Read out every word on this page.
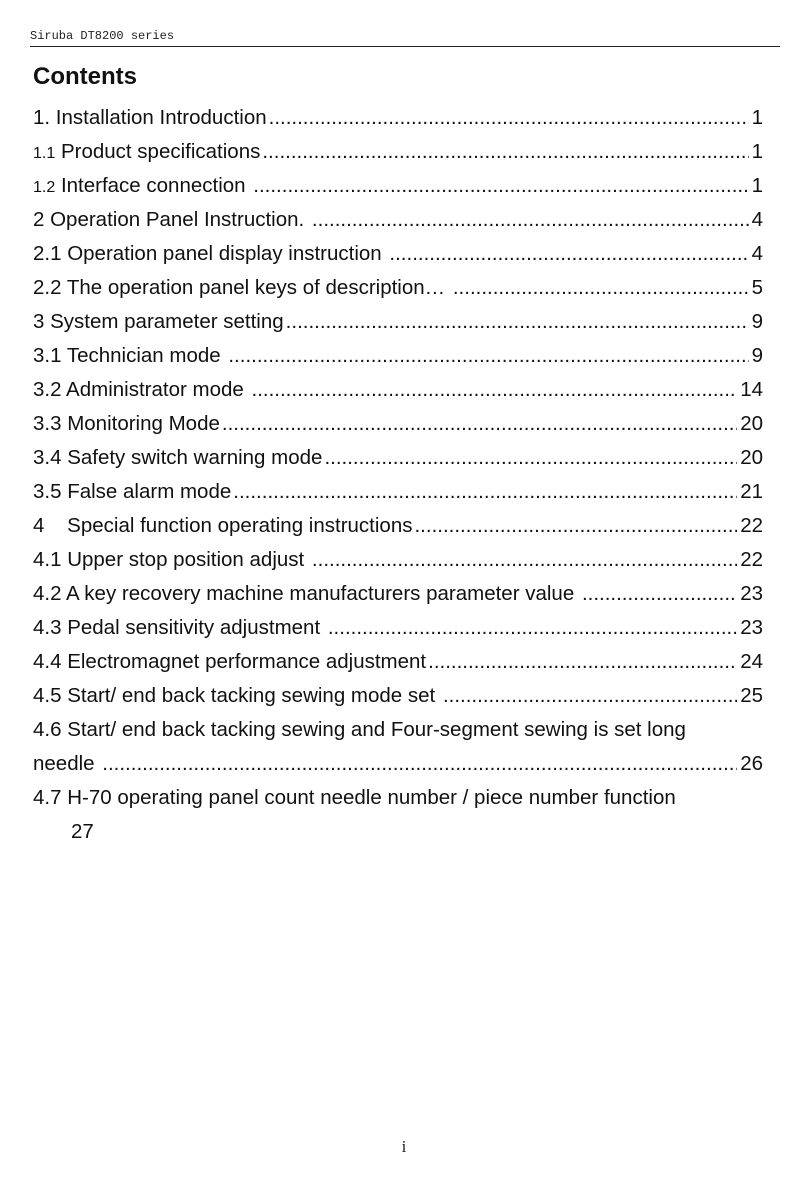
Siruba DT8200 series
Contents
1. Installation Introduction .....	1
1.1 Product specifications .....	1
1.2 Interface connection .....	1
2 Operation Panel Instruction. .....	4
2.1 Operation panel display instruction .....	4
2.2 The operation panel keys of description… .....	5
3 System parameter setting .....	9
3.1 Technician mode .....	9
3.2 Administrator mode .....	14
3.3 Monitoring Mode .....	20
3.4 Safety switch warning mode .....	20
3.5 False alarm mode .....	21
4    Special function operating instructions .....	22
4.1 Upper stop position adjust .....	22
4.2 A key recovery machine manufacturers parameter value .....	23
4.3 Pedal sensitivity adjustment .....	23
4.4 Electromagnet performance adjustment .....	24
4.5 Start/ end back tacking sewing mode set .....	25
4.6 Start/ end back tacking sewing and Four-segment sewing is set long
needle .....	26
4.7 H-70 operating panel count needle number / piece number function
27
i
